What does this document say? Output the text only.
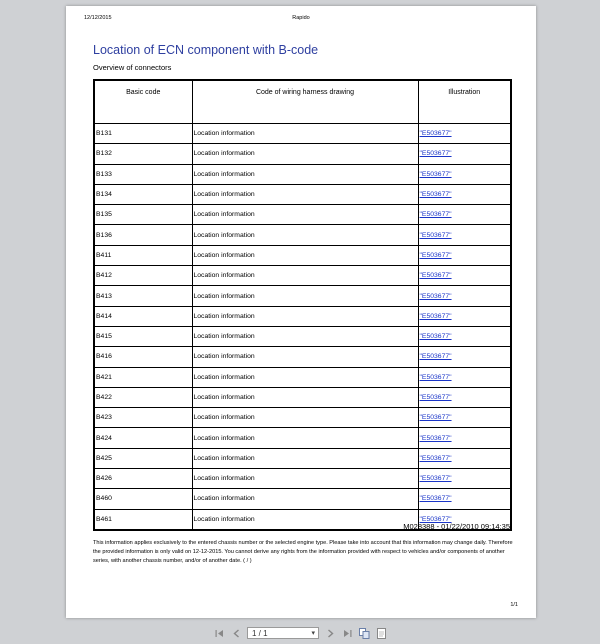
12/12/2015	Rapido
Location of ECN component with B-code
Overview of connectors
Basic code	Code of wiring harness drawing	Illustration
B131	Location information	"E503677"
B132	Location information	"E503677"
B133	Location information	"E503677"
B134	Location information	"E503677"
B135	Location information	"E503677"
B136	Location information	"E503677"
B411	Location information	"E503677"
B412	Location information	"E503677"
B413	Location information	"E503677"
B414	Location information	"E503677"
B415	Location information	"E503677"
B416	Location information	"E503677"
B421	Location information	"E503677"
B422	Location information	"E503677"
B423	Location information	"E503677"
B424	Location information	"E503677"
B425	Location information	"E503677"
B426	Location information	"E503677"
B460	Location information	"E503677"
B461	Location information	"E503677"
M028388 - 01/22/2010 09:14:35
This information applies exclusively to the entered chassis number or the selected engine type. Please take into account that this information may change daily. Therefore the provided information is only valid on 12-12-2015. You cannot derive any rights from the information provided with respect to vehicles and/or components of another series, with another chassis number, and/or of another date. ( / )
1/1
1 / 1	▾
